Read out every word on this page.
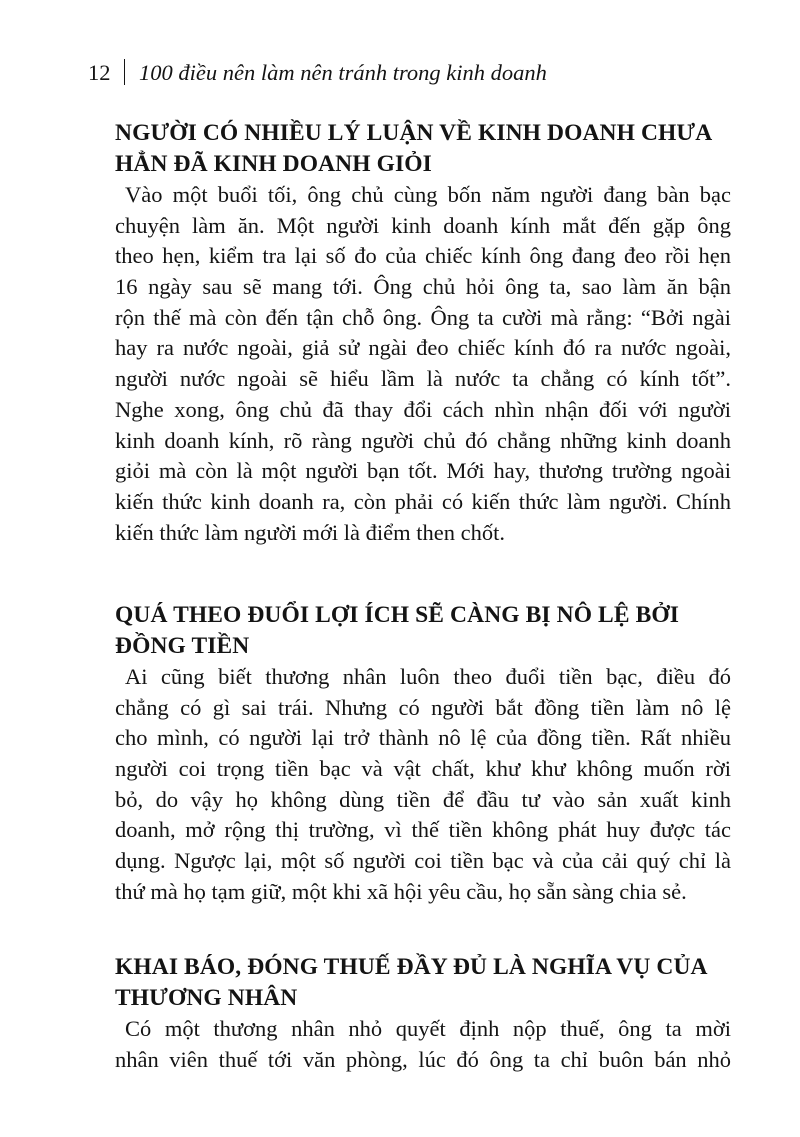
12 100 điều nên làm nên tránh trong kinh doanh
NGƯỜI CÓ NHIỀU LÝ LUẬN VỀ KINH DOANH CHƯA
HẲN ĐÃ KINH DOANH GIỎI
Vào một buổi tối, ông chủ cùng bốn năm người đang bàn bạc
chuyện làm ăn. Một người kinh doanh kính mắt đến gặp ông
theo hẹn, kiểm tra lại số đo của chiếc kính ông đang đeo rồi hẹn
16 ngày sau sẽ mang tới. Ông chủ hỏi ông ta, sao làm ăn bận
rộn thế mà còn đến tận chỗ ông. Ông ta cười mà rằng: “Bởi ngài
hay ra nước ngoài, giả sử ngài đeo chiếc kính đó ra nước ngoài,
người nước ngoài sẽ hiểu lầm là nước ta chẳng có kính tốt”.
Nghe xong, ông chủ đã thay đổi cách nhìn nhận đối với người
kinh doanh kính, rõ ràng người chủ đó chẳng những kinh doanh
giỏi mà còn là một người bạn tốt. Mới hay, thương trường ngoài
kiến thức kinh doanh ra, còn phải có kiến thức làm người. Chính
kiến thức làm người mới là điểm then chốt.
QUÁ THEO ĐUỔI LỢI ÍCH SẼ CÀNG BỊ NÔ LỆ BỞI
ĐỒNG TIỀN
Ai cũng biết thương nhân luôn theo đuổi tiền bạc, điều đó
chẳng có gì sai trái. Nhưng có người bắt đồng tiền làm nô lệ
cho mình, có người lại trở thành nô lệ của đồng tiền. Rất nhiều
người coi trọng tiền bạc và vật chất, khư khư không muốn rời
bỏ, do vậy họ không dùng tiền để đầu tư vào sản xuất kinh
doanh, mở rộng thị trường, vì thế tiền không phát huy được tác
dụng. Ngược lại, một số người coi tiền bạc và của cải quý chỉ là
thứ mà họ tạm giữ, một khi xã hội yêu cầu, họ sẵn sàng chia sẻ.
KHAI BÁO, ĐÓNG THUẾ ĐẦY ĐỦ LÀ NGHĨA VỤ CỦA
THƯƠNG NHÂN
Có một thương nhân nhỏ quyết định nộp thuế, ông ta mời
nhân viên thuế tới văn phòng, lúc đó ông ta chỉ buôn bán nhỏ
